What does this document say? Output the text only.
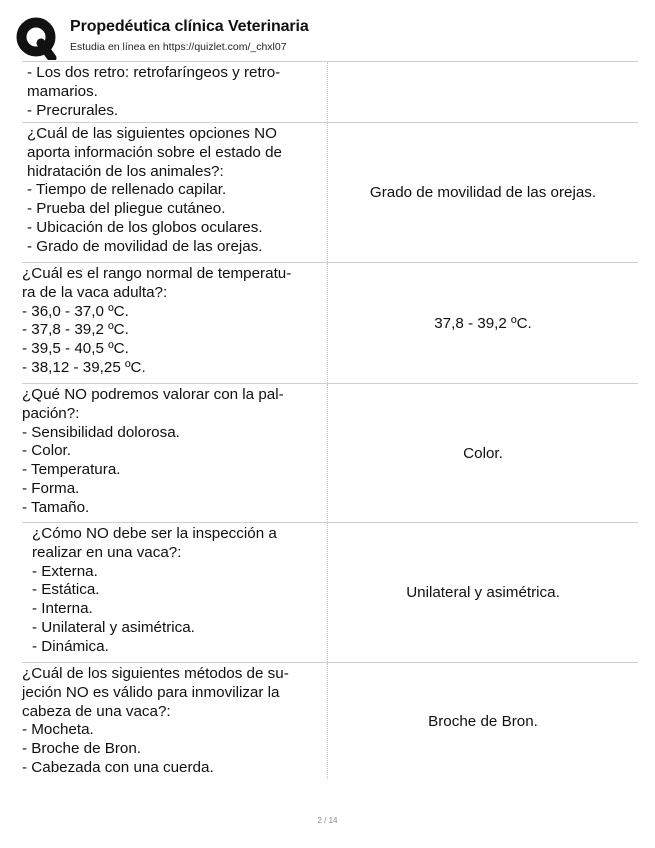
Propedéutica clínica Veterinaria
Estudia en línea en https://quizlet.com/_chxl07
- Los dos retro: retrofaríngeos y retro-
mamarios.
- Precrurales.
¿Cuál de las siguientes opciones NO
aporta información sobre el estado de
hidratación de los animales?:
- Tiempo de rellenado capilar.
- Prueba del pliegue cutáneo.
- Ubicación de los globos oculares.
- Grado de movilidad de las orejas.
Grado de movilidad de las orejas.
¿Cuál es el rango normal de temperatu-
ra de la vaca adulta?:
- 36,0 - 37,0 ºC.
- 37,8 - 39,2 ºC.
- 39,5 - 40,5 ºC.
- 38,12 - 39,25 ºC.
37,8 - 39,2 ºC.
¿Qué NO podremos valorar con la pal-
pación?:
- Sensibilidad dolorosa.
- Color.
- Temperatura.
- Forma.
- Tamaño.
Color.
¿Cómo NO debe ser la inspección a
realizar en una vaca?:
- Externa.
- Estática.
- Interna.
- Unilateral y asimétrica.
- Dinámica.
Unilateral y asimétrica.
¿Cuál de los siguientes métodos de su-
jeción NO es válido para inmovilizar la
cabeza de una vaca?:
- Mocheta.
- Broche de Bron.
- Cabezada con una cuerda.
Broche de Bron.
2 / 14
